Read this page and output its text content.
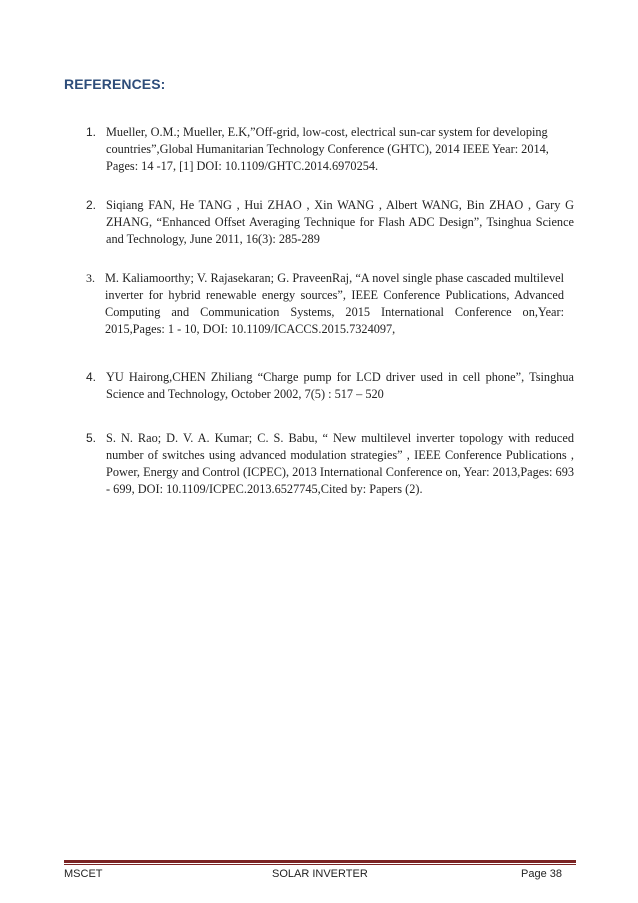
REFERENCES:
1. Mueller, O.M.; Mueller, E.K,”Off-grid, low-cost, electrical sun-car system for developing countries”,Global Humanitarian Technology Conference (GHTC), 2014 IEEE Year: 2014, Pages: 14 -17, [1] DOI: 10.1109/GHTC.2014.6970254.
2. Siqiang FAN, He TANG , Hui ZHAO , Xin WANG , Albert WANG, Bin ZHAO , Gary G ZHANG, “Enhanced Offset Averaging Technique for Flash ADC Design”, Tsinghua Science and Technology, June 2011, 16(3): 285-289
3. M. Kaliamoorthy; V. Rajasekaran; G. PraveenRaj, “A novel single phase cascaded multilevel inverter for hybrid renewable energy sources”, IEEE Conference Publications, Advanced Computing and Communication Systems, 2015 International Conference on,Year: 2015,Pages: 1 - 10, DOI: 10.1109/ICACCS.2015.7324097,
4. YU Hairong,CHEN Zhiliang “Charge pump for LCD driver used in cell phone”, Tsinghua Science and Technology, October 2002, 7(5) : 517 – 520
5. S. N. Rao; D. V. A. Kumar; C. S. Babu, “ New multilevel inverter topology with reduced number of switches using advanced modulation strategies” , IEEE Conference Publications , Power, Energy and Control (ICPEC), 2013 International Conference on, Year: 2013,Pages: 693 - 699, DOI: 10.1109/ICPEC.2013.6527745,Cited by: Papers (2).
MSCET	SOLAR INVERTER	Page 38
